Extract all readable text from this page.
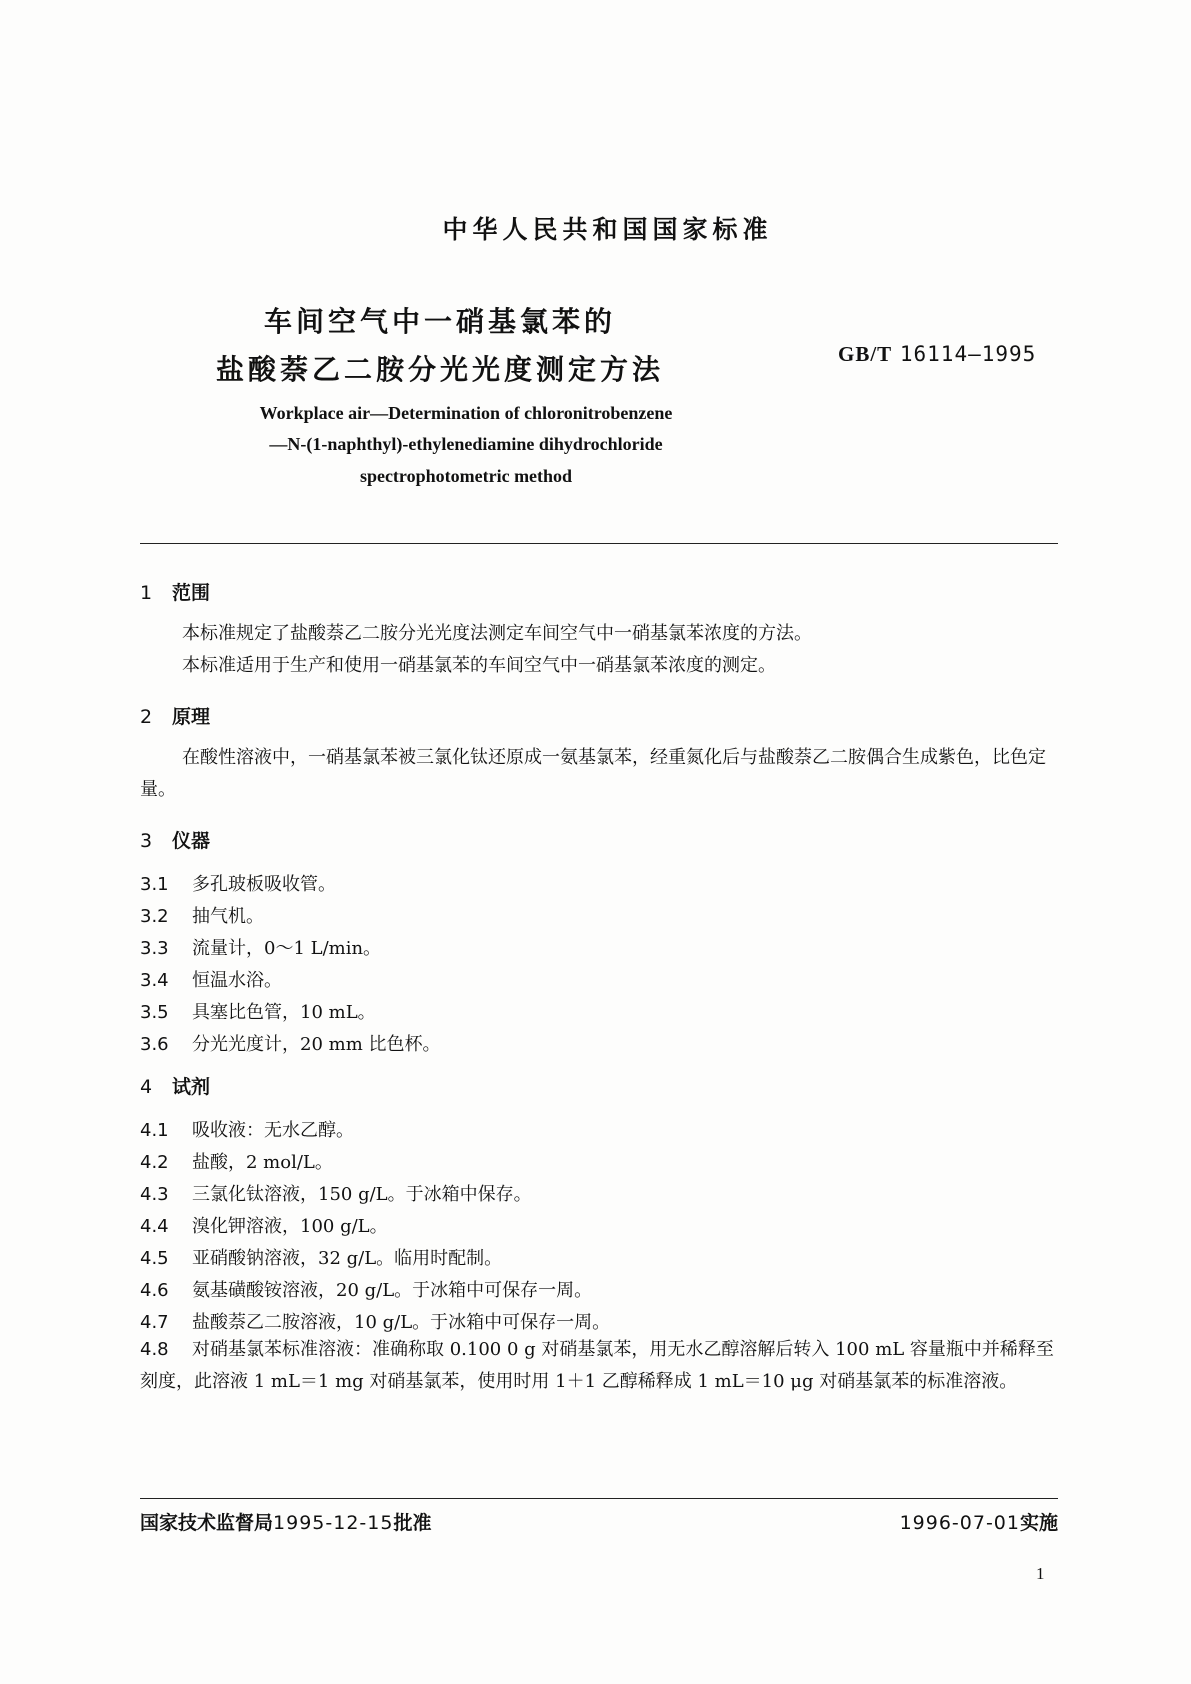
中华人民共和国国家标准
车间空气中一硝基氯苯的
盐酸萘乙二胺分光光度测定方法	GB/T 16114—1995
Workplace air—Determination of chloronitrobenzene
—N-(1-naphthyl)-ethylenediamine dihydrochloride
spectrophotometric method
1 范围
本标准规定了盐酸萘乙二胺分光光度法测定车间空气中一硝基氯苯浓度的方法。
本标准适用于生产和使用一硝基氯苯的车间空气中一硝基氯苯浓度的测定。
2 原理
在酸性溶液中，一硝基氯苯被三氯化钛还原成一氨基氯苯，经重氮化后与盐酸萘乙二胺偶合生成紫色，比色定量。
3 仪器
3.1 多孔玻板吸收管。
3.2 抽气机。
3.3 流量计，0～1 L/min。
3.4 恒温水浴。
3.5 具塞比色管，10 mL。
3.6 分光光度计，20 mm 比色杯。
4 试剂
4.1 吸收液：无水乙醇。
4.2 盐酸，2 mol/L。
4.3 三氯化钛溶液，150 g/L。于冰箱中保存。
4.4 溴化钾溶液，100 g/L。
4.5 亚硝酸钠溶液，32 g/L。临用时配制。
4.6 氨基磺酸铵溶液，20 g/L。于冰箱中可保存一周。
4.7 盐酸萘乙二胺溶液，10 g/L。于冰箱中可保存一周。
4.8 对硝基氯苯标准溶液：准确称取 0.100 0 g 对硝基氯苯，用无水乙醇溶解后转入 100 mL 容量瓶中并稀释至刻度，此溶液 1 mL＝1 mg 对硝基氯苯，使用时用 1＋1 乙醇稀释成 1 mL＝10 μg 对硝基氯苯的标准溶液。
国家技术监督局1995-12-15批准	1996-07-01实施
1
